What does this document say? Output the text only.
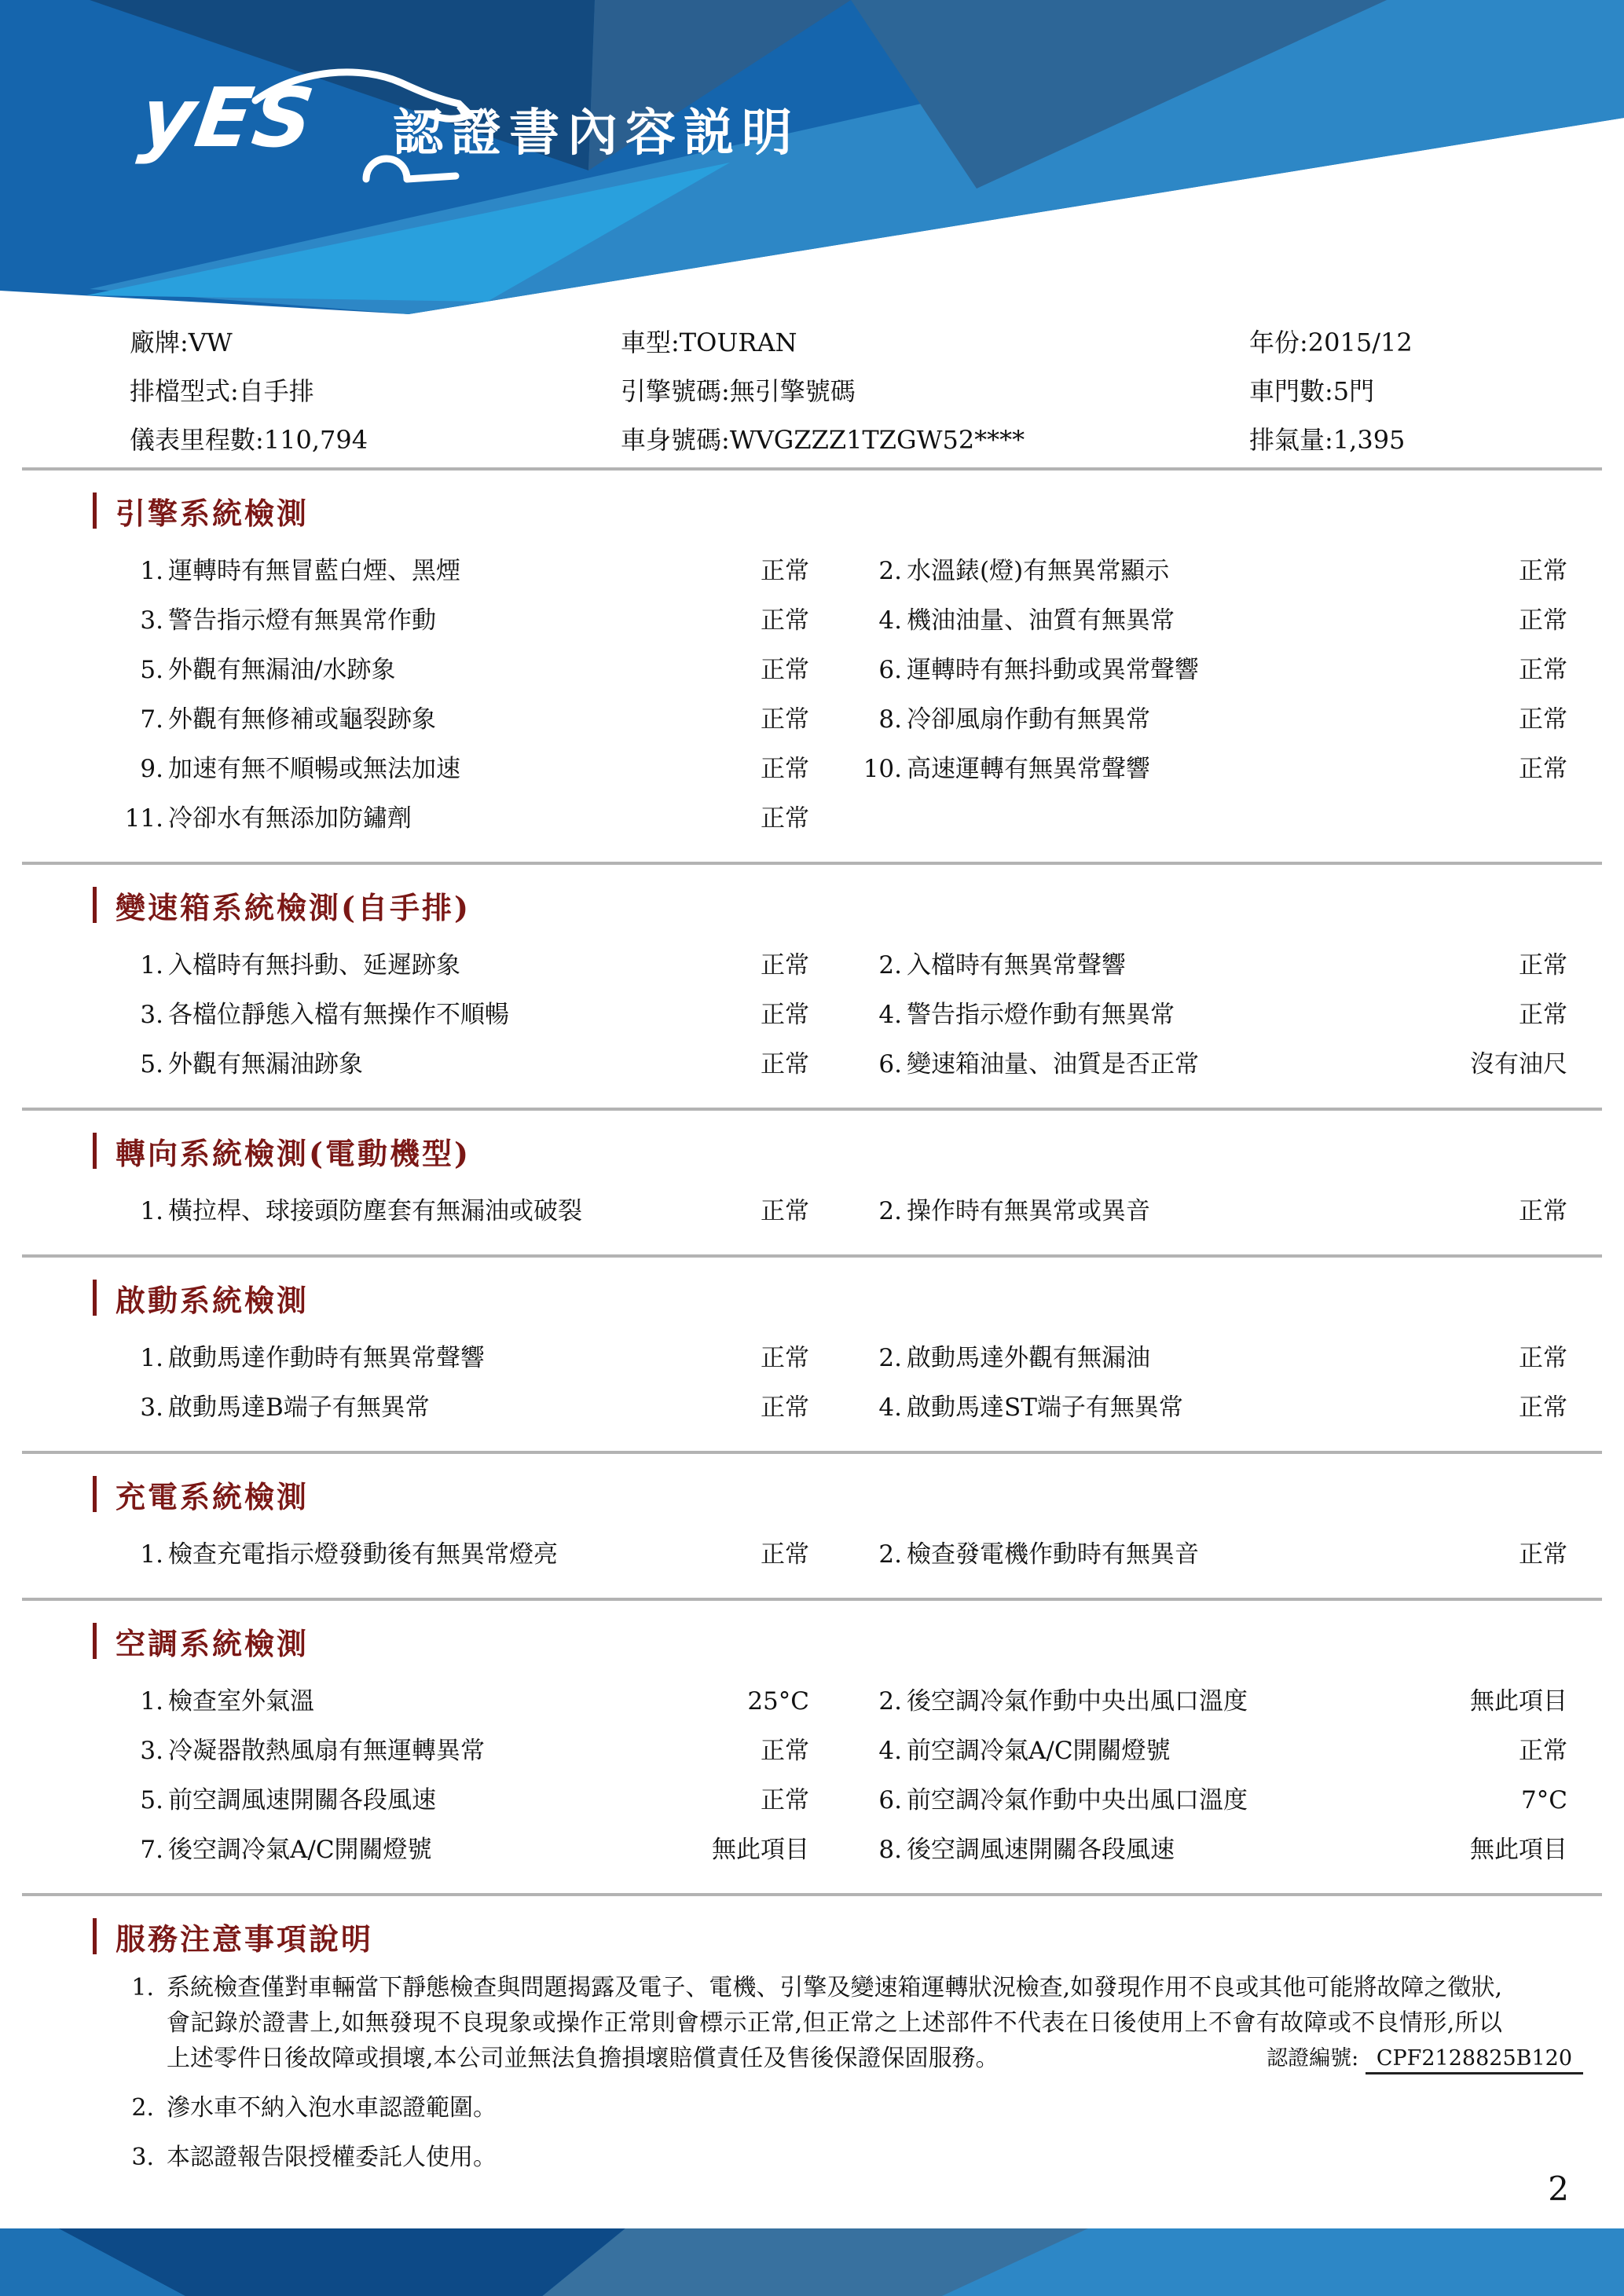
yES 認證書內容説明
廠牌:VW	車型:TOURAN	年份:2015/12
排檔型式:自手排	引擎號碼:無引擎號碼	車門數:5門
儀表里程數:110,794	車身號碼:WVGZZZ1TZGW52****	排氣量:1,395
引擎系統檢測
1. 運轉時有無冒藍白煙、黑煙	正常	2. 水溫錶(燈)有無異常顯示	正常
3. 警告指示燈有無異常作動	正常	4. 機油油量、油質有無異常	正常
5. 外觀有無漏油/水跡象	正常	6. 運轉時有無抖動或異常聲響	正常
7. 外觀有無修補或龜裂跡象	正常	8. 冷卻風扇作動有無異常	正常
9. 加速有無不順暢或無法加速	正常 10. 高速運轉有無異常聲響	正常
11. 冷卻水有無添加防鏽劑	正常
變速箱系統檢測(自手排)
1. 入檔時有無抖動、延遲跡象	正常	2. 入檔時有無異常聲響	正常
3. 各檔位靜態入檔有無操作不順暢	正常	4. 警告指示燈作動有無異常	正常
5. 外觀有無漏油跡象	正常	6. 變速箱油量、油質是否正常	沒有油尺
轉向系統檢測(電動機型)
1. 橫拉桿、球接頭防塵套有無漏油或破裂	正常	2. 操作時有無異常或異音	正常
啟動系統檢測
1. 啟動馬達作動時有無異常聲響	正常	2. 啟動馬達外觀有無漏油	正常
3. 啟動馬達B端子有無異常	正常	4. 啟動馬達ST端子有無異常	正常
充電系統檢測
1. 檢查充電指示燈發動後有無異常燈亮	正常	2. 檢查發電機作動時有無異音	正常
空調系統檢測
1. 檢查室外氣溫	25°C	2. 後空調冷氣作動中央出風口溫度	無此項目
3. 冷凝器散熱風扇有無運轉異常	正常	4. 前空調冷氣A/C開關燈號	正常
5. 前空調風速開關各段風速	正常	6. 前空調冷氣作動中央出風口溫度	7°C
7. 後空調冷氣A/C開關燈號	無此項目	8. 後空調風速開關各段風速	無此項目
服務注意事項說明
1. 系統檢查僅對車輛當下靜態檢查與問題揭露及電子、電機、引擎及變速箱運轉狀況檢查,如發現作用不良或其他可能將故障之徵狀,會記錄於證書上,如無發現不良現象或操作正常則會標示正常,但正常之上述部件不代表在日後使用上不會有故障或不良情形,所以上述零件日後故障或損壞,本公司並無法負擔損壞賠償責任及售後保證保固服務。
2. 滲水車不納入泡水車認證範圍。
3. 本認證報告限授權委託人使用。
認證編號: CPF2128825B120
2
